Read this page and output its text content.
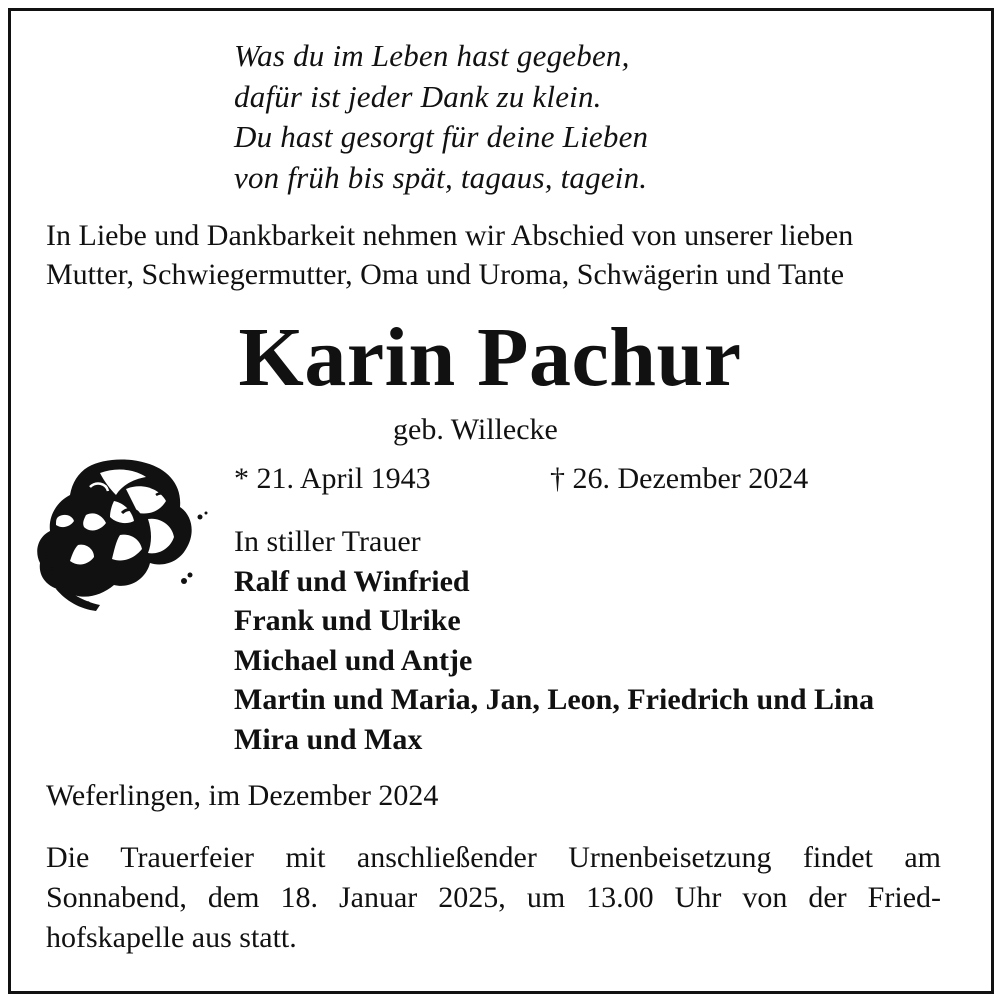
Was du im Leben hast gegeben,
dafür ist jeder Dank zu klein.
Du hast gesorgt für deine Lieben
von früh bis spät, tagaus, tagein.
In Liebe und Dankbarkeit nehmen wir Abschied von unserer lieben
Mutter, Schwiegermutter, Oma und Uroma, Schwägerin und Tante
Karin Pachur
geb. Willecke
* 21. April 1943	† 26. Dezember 2024
In stiller Trauer
Ralf und Winfried
Frank und Ulrike
Michael und Antje
Martin und Maria, Jan, Leon, Friedrich und Lina
Mira und Max
Weferlingen, im Dezember 2024
Die Trauerfeier mit anschließender Urnenbeisetzung findet am
Sonnabend, dem 18. Januar 2025, um 13.00 Uhr von der Fried-
hofskapelle aus statt.
